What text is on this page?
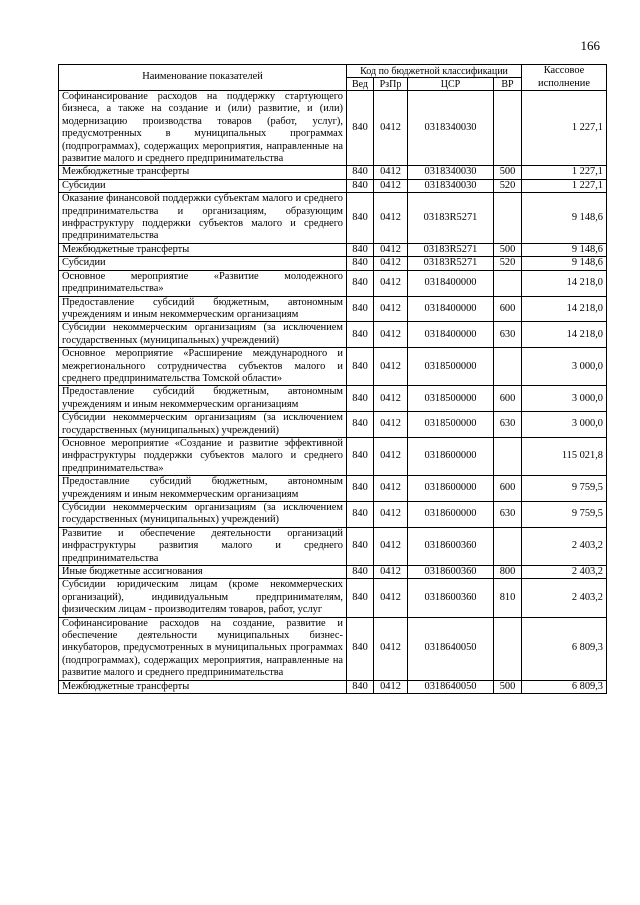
166
Наименование показателей	Код по бюджетной классификации				Кассовое исполнение
	Вед	РзПр	ЦСР	ВР	
Софинансирование расходов на поддержку стартующего бизнеса, а также на создание и (или) развитие, и (или) модернизацию производства товаров (работ, услуг), предусмотренных в муниципальных программах (подпрограммах), содержащих мероприятия, направленные на развитие малого и среднего предпринимательства	840	0412	0318340030		1 227,1
Межбюджетные трансферты	840	0412	0318340030	500	1 227,1
Субсидии	840	0412	0318340030	520	1 227,1
Оказание финансовой поддержки субъектам малого и среднего предпринимательства и организациям, образующим инфраструктуру поддержки субъектов малого и среднего предпринимательства	840	0412	03183R5271		9 148,6
Межбюджетные трансферты	840	0412	03183R5271	500	9 148,6
Субсидии	840	0412	03183R5271	520	9 148,6
Основное мероприятие «Развитие молодежного предпринимательства»	840	0412	0318400000		14 218,0
Предоставление субсидий бюджетным, автономным учреждениям и иным некоммерческим организациям	840	0412	0318400000	600	14 218,0
Субсидии некоммерческим организациям (за исключением государственных (муниципальных) учреждений)	840	0412	0318400000	630	14 218,0
Основное мероприятие «Расширение международного и межрегионального сотрудничества субъектов малого и среднего предпринимательства Томской области»	840	0412	0318500000		3 000,0
Предоставление субсидий бюджетным, автономным учреждениям и иным некоммерческим организациям	840	0412	0318500000	600	3 000,0
Субсидии некоммерческим организациям (за исключением государственных (муниципальных) учреждений)	840	0412	0318500000	630	3 000,0
Основное мероприятие «Создание и развитие эффективной инфраструктуры поддержки субъектов малого и среднего предпринимательства»	840	0412	0318600000		115 021,8
Предоставлние субсидий бюджетным, автономным учреждениям и иным некоммерческим организациям	840	0412	0318600000	600	9 759,5
Субсидии некоммерческим организациям (за исключением государственных (муниципальных) учреждений)	840	0412	0318600000	630	9 759,5
Развитие и обеспечение деятельности организаций инфраструктуры развития малого и среднего предпринимательства	840	0412	0318600360		2 403,2
Иные бюджетные ассигнования	840	0412	0318600360	800	2 403,2
Субсидии юридическим лицам (кроме некоммерческих организаций), индивидуальным предпринимателям, физическим лицам - производителям товаров, работ, услуг	840	0412	0318600360	810	2 403,2
Софинансирование расходов на создание, развитие и обеспечение деятельности муниципальных бизнес-инкубаторов, предусмотренных в муниципальных программах (подпрограммах), содержащих мероприятия, направленные на развитие малого и среднего предпринимательства	840	0412	0318640050		6 809,3
Межбюджетные трансферты	840	0412	0318640050	500	6 809,3
